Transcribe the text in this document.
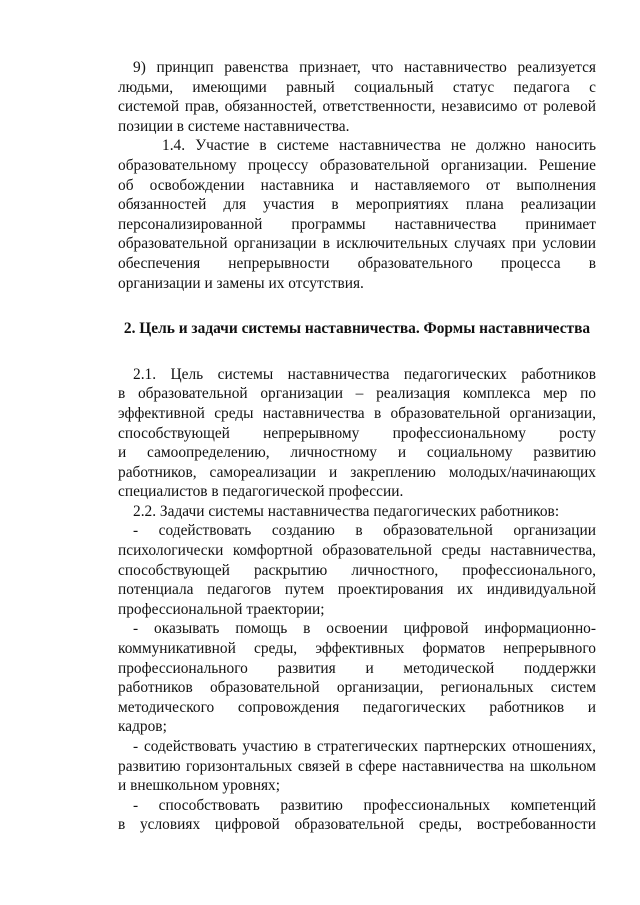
9) принцип равенства признает, что наставничество реализуется
людьми, имеющими равный социальный статус педагога с
системой прав, обязанностей, ответственности, независимо от ролевой
позиции в системе наставничества.
1.4. Участие в системе наставничества не должно наносить
образовательному процессу образовательной организации. Решение
об освобождении наставника и наставляемого от выполнения
обязанностей для участия в мероприятиях плана реализации
персонализированной программы наставничества принимает
образовательной организации в исключительных случаях при условии
обеспечения непрерывности образовательного процесса в
организации и замены их отсутствия.
2. Цель и задачи системы наставничества. Формы наставничества
2.1. Цель системы наставничества педагогических работников
в образовательной организации – реализация комплекса мер по
эффективной среды наставничества в образовательной организации,
способствующей непрерывному профессиональному росту
и самоопределению, личностному и социальному развитию
работников, самореализации и закреплению молодых/начинающих
специалистов в педагогической профессии.
2.2. Задачи системы наставничества педагогических работников:
- содействовать созданию в образовательной организации
психологически комфортной образовательной среды наставничества,
способствующей раскрытию личностного, профессионального,
потенциала педагогов путем проектирования их индивидуальной
профессиональной траектории;
- оказывать помощь в освоении цифровой информационно-
коммуникативной среды, эффективных форматов непрерывного
профессионального развития и методической поддержки
работников образовательной организации, региональных систем
методического сопровождения педагогических работников и
кадров;
- содействовать участию в стратегических партнерских отношениях,
развитию горизонтальных связей в сфере наставничества на школьном
и внешкольном уровнях;
- способствовать развитию профессиональных компетенций
в условиях цифровой образовательной среды, востребованности
